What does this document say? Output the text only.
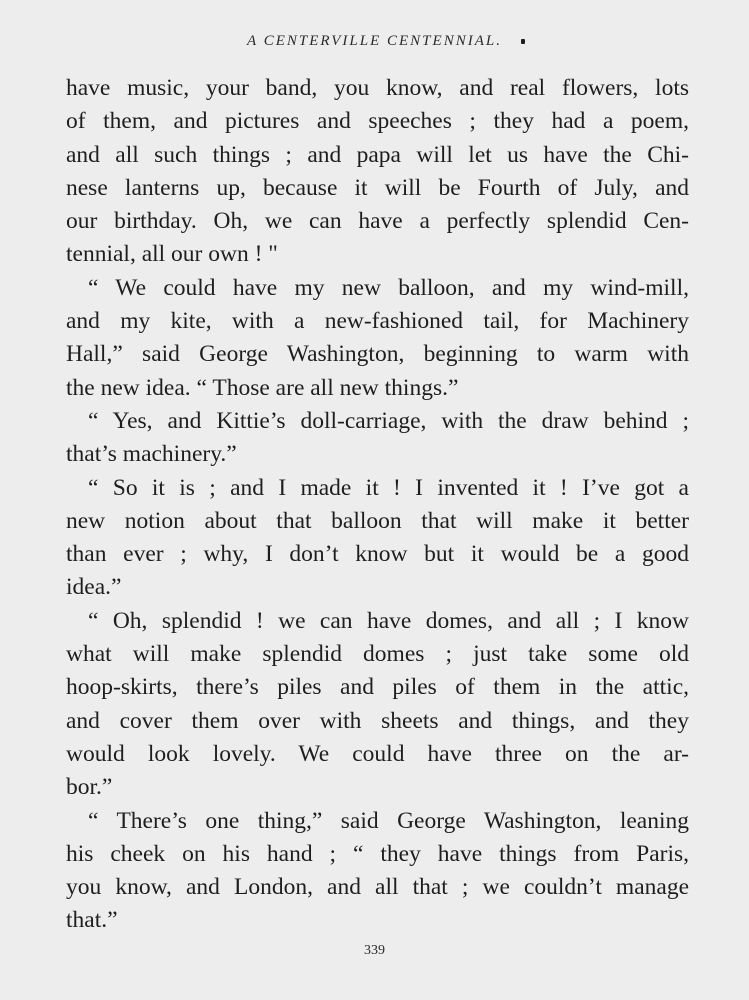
A CENTERVILLE CENTENNIAL.
have music, your band, you know, and real flowers, lots
of them, and pictures and speeches ; they had a poem,
and all such things ; and papa will let us have the Chi-
nese lanterns up, because it will be Fourth of July, and
our birthday. Oh, we can have a perfectly splendid Cen-
tennial, all our own ! "
“ We could have my new balloon, and my wind-mill,
and my kite, with a new-fashioned tail, for Machinery
Hall,” said George Washington, beginning to warm with
the new idea. “ Those are all new things.”
“ Yes, and Kittie’s doll-carriage, with the draw behind ;
that’s machinery.”
“ So it is ; and I made it ! I invented it ! I’ve got a
new notion about that balloon that will make it better
than ever ; why, I don’t know but it would be a good
idea.”
“ Oh, splendid ! we can have domes, and all ; I know
what will make splendid domes ; just take some old
hoop-skirts, there’s piles and piles of them in the attic,
and cover them over with sheets and things, and they
would look lovely. We could have three on the ar-
bor.”
“ There’s one thing,” said George Washington, leaning
his cheek on his hand ; “ they have things from Paris,
you know, and London, and all that ; we couldn’t manage
that.”
339
